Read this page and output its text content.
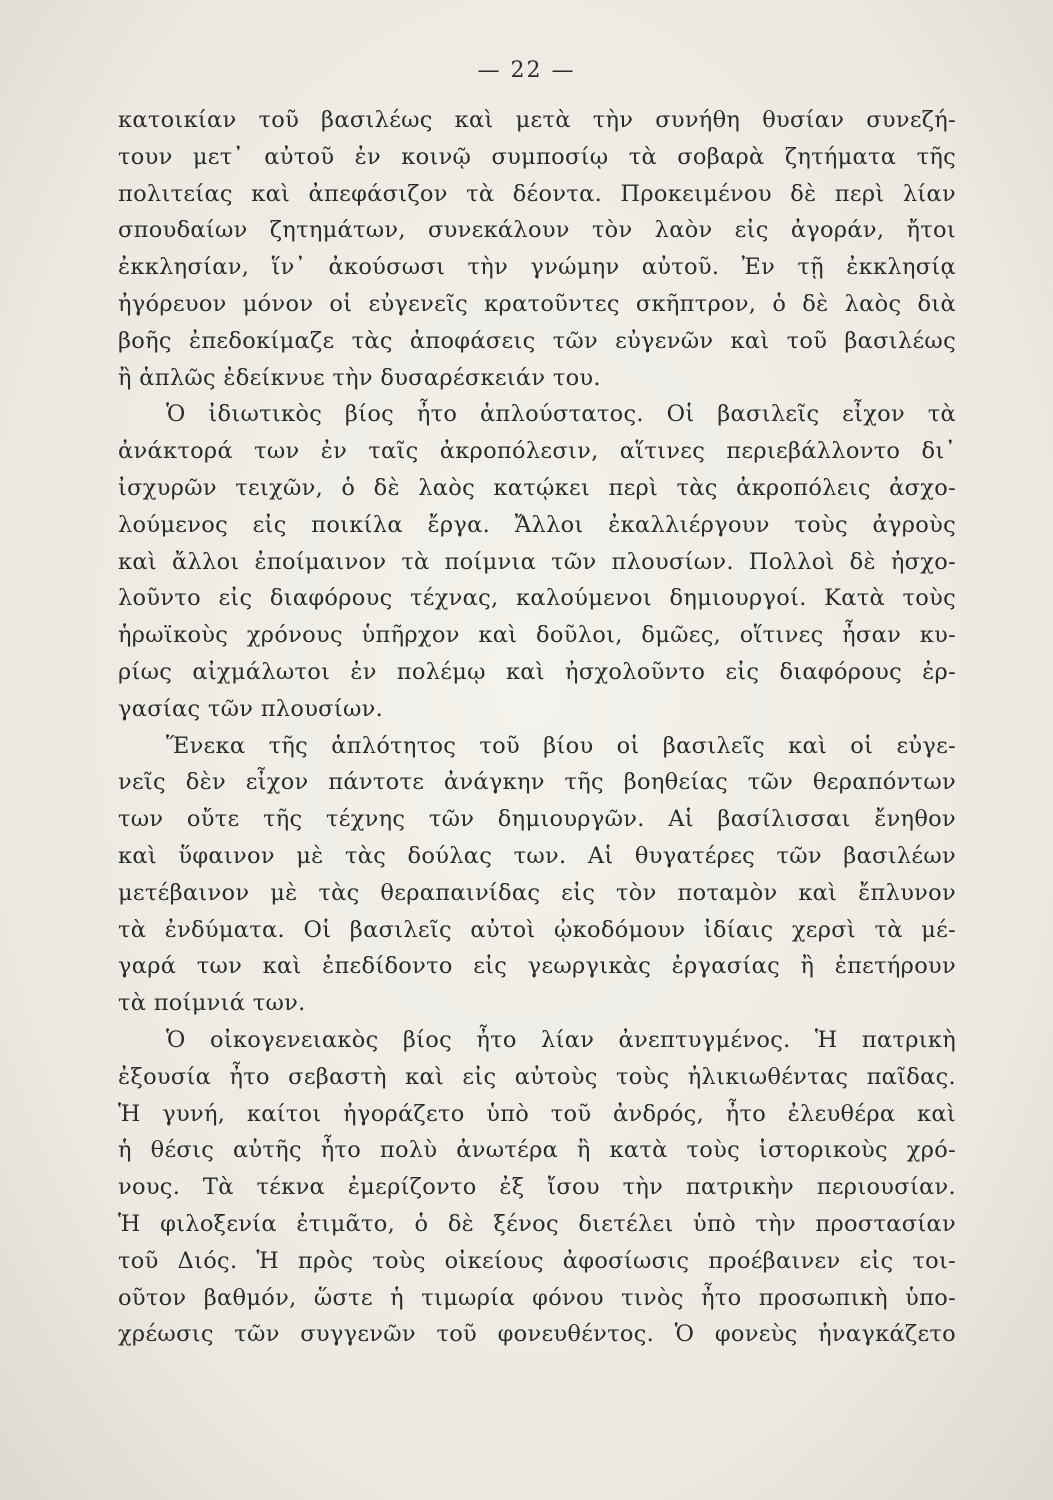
— 22 —
κατοικίαν τοῦ βασιλέως καὶ μετὰ τὴν συνήθη θυσίαν συνεζή-
τουν μετ᾽ αὐτοῦ ἐν κοινῷ συμποσίῳ τὰ σοβαρὰ ζητήματα τῆς
πολιτείας καὶ ἀπεφάσιζον τὰ δέοντα. Προκειμένου δὲ περὶ λίαν
σπουδαίων ζητημάτων, συνεκάλουν τὸν λαὸν εἰς ἀγοράν, ἤτοι
ἐκκλησίαν, ἵν᾽ ἀκούσωσι τὴν γνώμην αὐτοῦ. Ἐν τῇ ἐκκλησίᾳ
ἠγόρευον μόνον οἱ εὐγενεῖς κρατοῦντες σκῆπτρον, ὁ δὲ λαὸς διὰ
βοῆς ἐπεδοκίμαζε τὰς ἀποφάσεις τῶν εὐγενῶν καὶ τοῦ βασιλέως
ἢ ἁπλῶς ἐδείκνυε τὴν δυσαρέσκειάν του.
Ὁ ἰδιωτικὸς βίος ἦτο ἁπλούστατος. Οἱ βασιλεῖς εἶχον τὰ
ἀνάκτορά των ἐν ταῖς ἀκροπόλεσιν, αἵτινες περιεβάλλοντο δι᾽
ἰσχυρῶν τειχῶν, ὁ δὲ λαὸς κατῴκει περὶ τὰς ἀκροπόλεις ἀσχο-
λούμενος εἰς ποικίλα ἔργα. Ἄλλοι ἐκαλλιέργουν τοὺς ἀγροὺς
καὶ ἄλλοι ἐποίμαινον τὰ ποίμνια τῶν πλουσίων. Πολλοὶ δὲ ἠσχο-
λοῦντο εἰς διαφόρους τέχνας, καλούμενοι δημιουργοί. Κατὰ τοὺς
ἡρωϊκοὺς χρόνους ὑπῆρχον καὶ δοῦλοι, δμῶες, οἵτινες ἦσαν κυ-
ρίως αἰχμάλωτοι ἐν πολέμῳ καὶ ἠσχολοῦντο εἰς διαφόρους ἐρ-
γασίας τῶν πλουσίων.
Ἕνεκα τῆς ἁπλότητος τοῦ βίου οἱ βασιλεῖς καὶ οἱ εὐγε-
νεῖς δὲν εἶχον πάντοτε ἀνάγκην τῆς βοηθείας τῶν θεραπόντων
των οὔτε τῆς τέχνης τῶν δημιουργῶν. Αἱ βασίλισσαι ἔνηθον
καὶ ὕφαινον μὲ τὰς δούλας των. Αἱ θυγατέρες τῶν βασιλέων
μετέβαινον μὲ τὰς θεραπαινίδας εἰς τὸν ποταμὸν καὶ ἔπλυνον
τὰ ἐνδύματα. Οἱ βασιλεῖς αὐτοὶ ᾠκοδόμουν ἰδίαις χερσὶ τὰ μέ-
γαρά των καὶ ἐπεδίδοντο εἰς γεωργικὰς ἐργασίας ἢ ἐπετήρουν
τὰ ποίμνιά των.
Ὁ οἰκογενειακὸς βίος ἦτο λίαν ἀνεπτυγμένος. Ἡ πατρικὴ
ἐξουσία ἦτο σεβαστὴ καὶ εἰς αὐτοὺς τοὺς ἠλικιωθέντας παῖδας.
Ἡ γυνή, καίτοι ἠγοράζετο ὑπὸ τοῦ ἀνδρός, ἦτο ἐλευθέρα καὶ
ἡ θέσις αὐτῆς ἦτο πολὺ ἀνωτέρα ἢ κατὰ τοὺς ἱστορικοὺς χρό-
νους. Τὰ τέκνα ἐμερίζοντο ἐξ ἴσου τὴν πατρικὴν περιουσίαν.
Ἡ φιλοξενία ἐτιμᾶτο, ὁ δὲ ξένος διετέλει ὑπὸ τὴν προστασίαν
τοῦ Διός. Ἡ πρὸς τοὺς οἰκείους ἀφοσίωσις προέβαινεν εἰς τοι-
οῦτον βαθμόν, ὥστε ἡ τιμωρία φόνου τινὸς ἦτο προσωπικὴ ὑπο-
χρέωσις τῶν συγγενῶν τοῦ φονευθέντος. Ὁ φονεὺς ἠναγκάζετο
